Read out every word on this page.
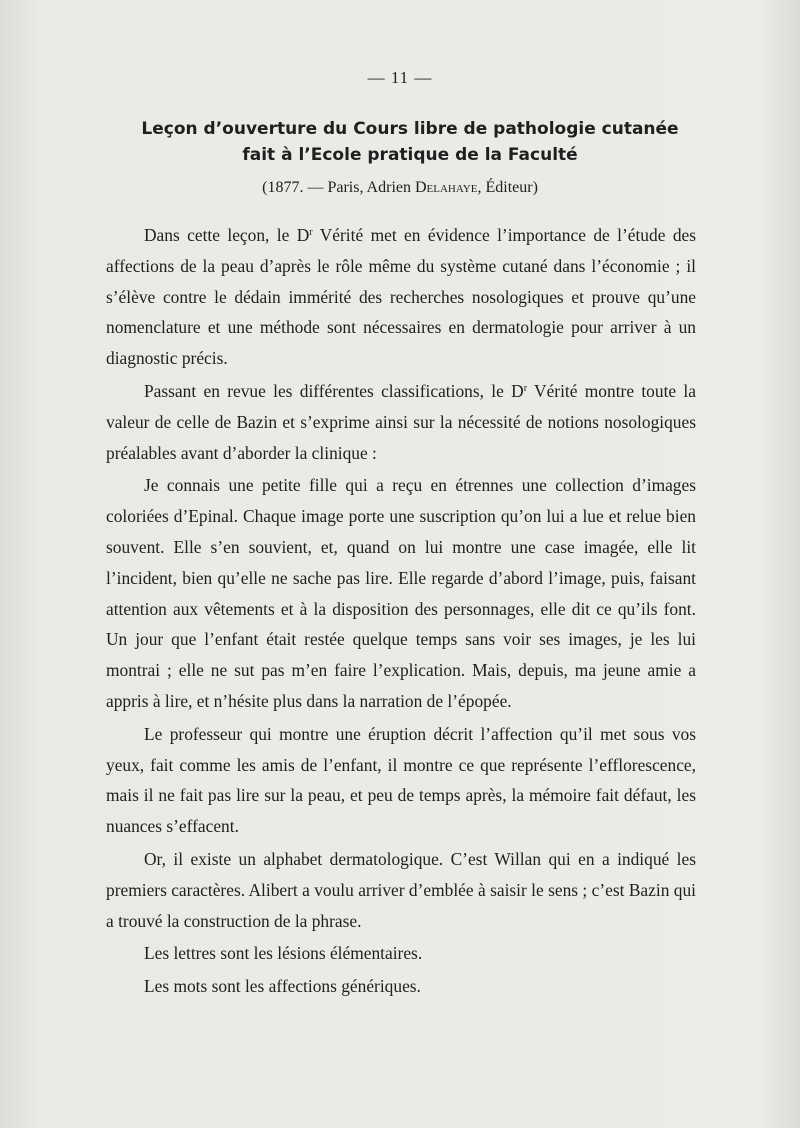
— 11 —
Leçon d’ouverture du Cours libre de pathologie cutanée
fait à l’Ecole pratique de la Faculté
(1877. — Paris, Adrien Delahaye, Éditeur)

Dans cette leçon, le $D^r$ Vérité met en évidence l’importance de l’étude des affections de la peau d’après le rôle même du système cutané dans l’économie ; il s’élève contre le dédain immérité des recherches nosologiques et prouve qu’une nomenclature et une méthode sont nécessaires en dermatologie pour arriver à un diagnostic précis.

Passant en revue les différentes classifications, le $D^r$ Vérité montre toute la valeur de celle de Bazin et s’exprime ainsi sur la nécessité de notions nosologiques préalables avant d’aborder la clinique :

Je connais une petite fille qui a reçu en étrennes une collection d’images coloriées d’Epinal. Chaque image porte une suscription qu’on lui a lue et relue bien souvent. Elle s’en souvient, et, quand on lui montre une case imagée, elle lit l’incident, bien qu’elle ne sache pas lire. Elle regarde d’abord l’image, puis, faisant attention aux vêtements et à la disposition des personnages, elle dit ce qu’ils font. Un jour que l’enfant était restée quelque temps sans voir ses images, je les lui montrai ; elle ne sut pas m’en faire l’explication. Mais, depuis, ma jeune amie a appris à lire, et n’hésite plus dans la narration de l’épopée.

Le professeur qui montre une éruption décrit l’affection qu’il met sous vos yeux, fait comme les amis de l’enfant, il montre ce que représente l’efflorescence, mais il ne fait pas lire sur la peau, et peu de temps après, la mémoire fait défaut, les nuances s’effacent.

Or, il existe un alphabet dermatologique. C’est Willan qui en a indiqué les premiers caractères. Alibert a voulu arriver d’emblée à saisir le sens ; c’est Bazin qui a trouvé la construction de la phrase.

Les lettres sont les lésions élémentaires.

Les mots sont les affections génériques.
